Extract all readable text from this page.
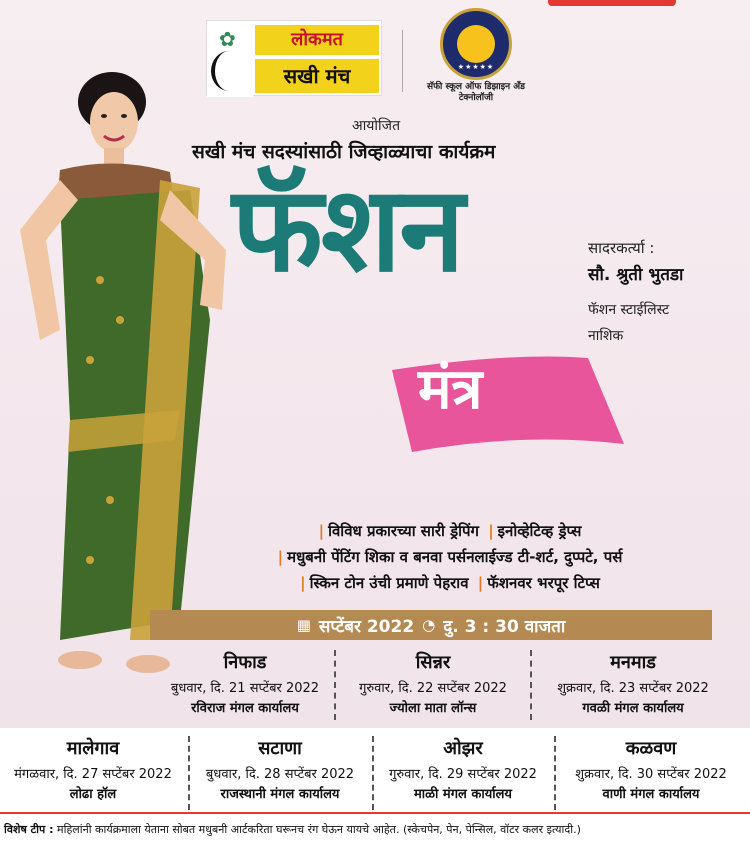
✿	लोकमत
सखी मंच	★★★★★
सॅफी स्कूल ऑफ डिझाइन अँड टेक्नोलॉजी
आयोजित
सखी मंच सदस्यांसाठी जिव्हाळ्याचा कार्यक्रम
फॅशन
मंत्र
सादरकर्त्या :
सौ. श्रुती भुतडा
फॅशन स्टाईलिस्ट
नाशिक
| विविध प्रकारच्या सारी ड्रेपिंग | इनोव्हेटिव्ह ड्रेप्स
| मधुबनी पेंटिंग शिका व बनवा पर्सनलाईज्ड टी-शर्ट, दुप्पटे, पर्स
| स्किन टोन उंची प्रमाणे पेहराव | फॅशनवर भरपूर टिप्स
▦ सप्टेंबर 2022 ◔ दु. 3 : 30 वाजता
निफाड
बुधवार, दि. 21 सप्टेंबर 2022
रविराज मंगल कार्यालय
सिन्नर
गुरुवार, दि. 22 सप्टेंबर 2022
ज्योला माता लॉन्स
मनमाड
शुक्रवार, दि. 23 सप्टेंबर 2022
गवळी मंगल कार्यालय
मालेगाव
मंगळवार, दि. 27 सप्टेंबर 2022
लोढा हॉल
सटाणा
बुधवार, दि. 28 सप्टेंबर 2022
राजस्थानी मंगल कार्यालय
ओझर
गुरुवार, दि. 29 सप्टेंबर 2022
माळी मंगल कार्यालय
कळवण
शुक्रवार, दि. 30 सप्टेंबर 2022
वाणी मंगल कार्यालय
विशेष टीप : महिलांनी कार्यक्रमाला येताना सोबत मधुबनी आर्टकरिता घरूनच रंग घेऊन यायचे आहेत. (स्केचपेन, पेन, पेन्सिल, वॉटर कलर इत्यादी.)
